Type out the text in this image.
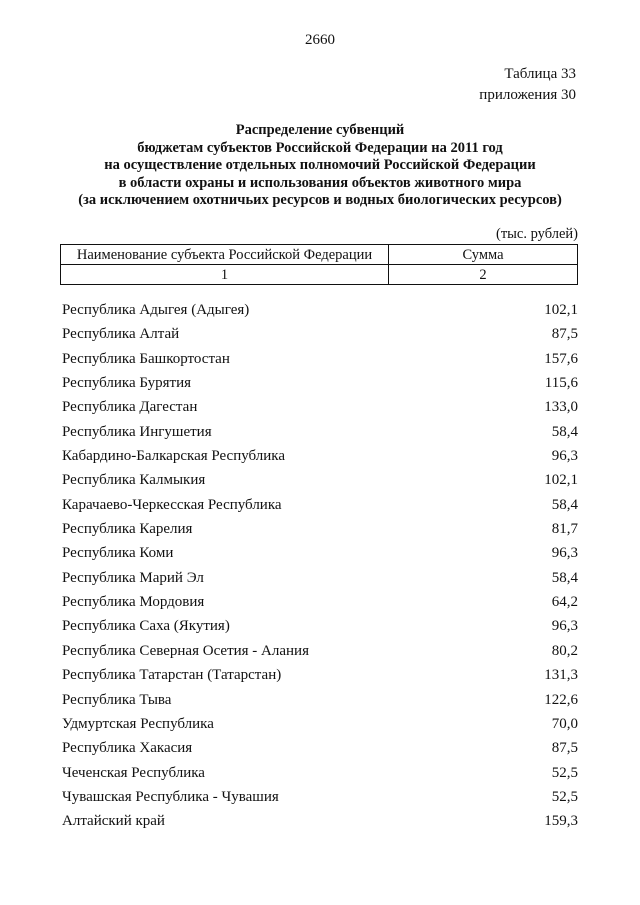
2660
Таблица 33
приложения 30
Распределение субвенций
бюджетам субъектов Российской Федерации на 2011 год
на осуществление отдельных полномочий Российской Федерации
в области охраны и использования объектов животного мира
(за исключением охотничьих ресурсов и водных биологических ресурсов)
(тыс. рублей)
Наименование субъекта Российской Федерации	Сумма
1	2
Республика Адыгея (Адыгея)	102,1
Республика Алтай	87,5
Республика Башкортостан	157,6
Республика Бурятия	115,6
Республика Дагестан	133,0
Республика Ингушетия	58,4
Кабардино-Балкарская Республика	96,3
Республика Калмыкия	102,1
Карачаево-Черкесская Республика	58,4
Республика Карелия	81,7
Республика Коми	96,3
Республика Марий Эл	58,4
Республика Мордовия	64,2
Республика Саха (Якутия)	96,3
Республика Северная Осетия - Алания	80,2
Республика Татарстан (Татарстан)	131,3
Республика Тыва	122,6
Удмуртская Республика	70,0
Республика Хакасия	87,5
Чеченская Республика	52,5
Чувашская Республика - Чувашия	52,5
Алтайский край	159,3
